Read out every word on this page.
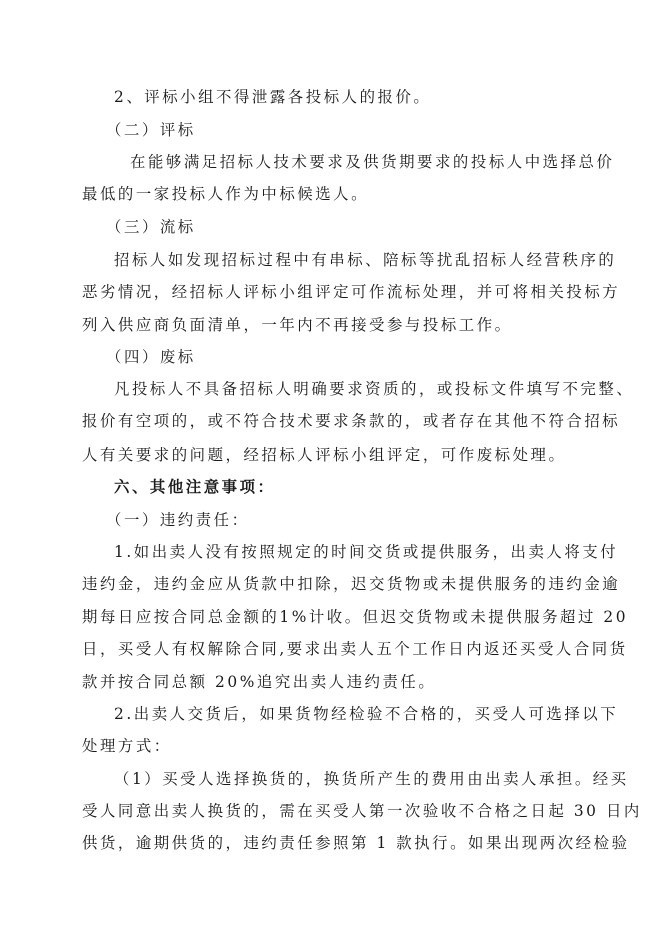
2、评标小组不得泄露各投标人的报价。
（二）评标
在能够满足招标人技术要求及供货期要求的投标人中选择总价
最低的一家投标人作为中标候选人。
（三）流标
招标人如发现招标过程中有串标、陪标等扰乱招标人经营秩序的
恶劣情况，经招标人评标小组评定可作流标处理，并可将相关投标方
列入供应商负面清单，一年内不再接受参与投标工作。
（四）废标
凡投标人不具备招标人明确要求资质的，或投标文件填写不完整、
报价有空项的，或不符合技术要求条款的，或者存在其他不符合招标
人有关要求的问题，经招标人评标小组评定，可作废标处理。
六、其他注意事项：
（一）违约责任：
1.如出卖人没有按照规定的时间交货或提供服务，出卖人将支付
违约金，违约金应从货款中扣除，迟交货物或未提供服务的违约金逾
期每日应按合同总金额的1%计收。但迟交货物或未提供服务超过 20
日，买受人有权解除合同,要求出卖人五个工作日内返还买受人合同货
款并按合同总额 20%追究出卖人违约责任。
2.出卖人交货后，如果货物经检验不合格的，买受人可选择以下
处理方式：
（1）买受人选择换货的，换货所产生的费用由出卖人承担。经买
受人同意出卖人换货的，需在买受人第一次验收不合格之日起 30 日内
供货，逾期供货的，违约责任参照第 1 款执行。如果出现两次经检验
